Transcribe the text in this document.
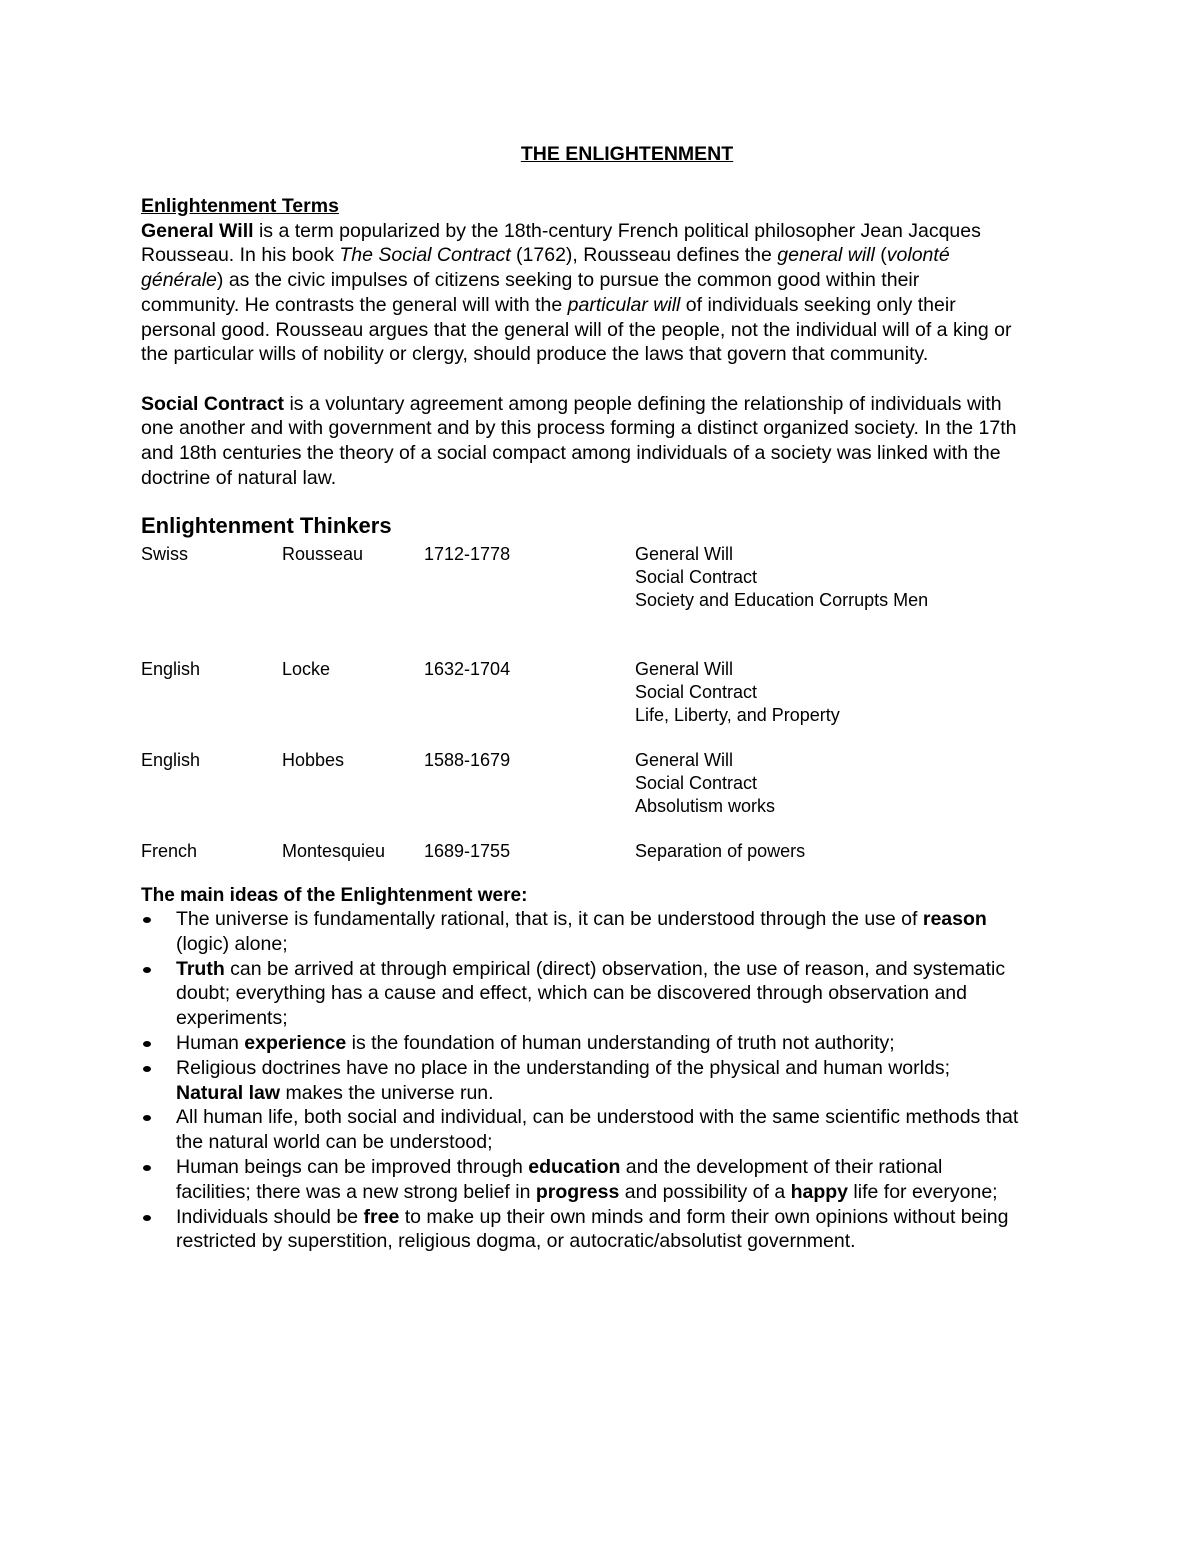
THE ENLIGHTENMENT
Enlightenment Terms
General Will is a term popularized by the 18th-century French political philosopher Jean Jacques
Rousseau. In his book The Social Contract (1762), Rousseau defines the general will (volonté
générale) as the civic impulses of citizens seeking to pursue the common good within their
community. He contrasts the general will with the particular will of individuals seeking only their
personal good. Rousseau argues that the general will of the people, not the individual will of a king or
the particular wills of nobility or clergy, should produce the laws that govern that community.
Social Contract is a voluntary agreement among people defining the relationship of individuals with
one another and with government and by this process forming a distinct organized society. In the 17th
and 18th centuries the theory of a social compact among individuals of a society was linked with the
doctrine of natural law.
Enlightenment Thinkers
Swiss	Rousseau	1712-1778	General Will
Social Contract
Society and Education Corrupts Men
English	Locke	1632-1704	General Will
Social Contract
Life, Liberty, and Property
English	Hobbes	1588-1679	General Will
Social Contract
Absolutism works
French	Montesquieu 1689-1755	Separation of powers
The main ideas of the Enlightenment were:
The universe is fundamentally rational, that is, it can be understood through the use of reason
(logic) alone;
Truth can be arrived at through empirical (direct) observation, the use of reason, and systematic
doubt; everything has a cause and effect, which can be discovered through observation and
experiments;
Human experience is the foundation of human understanding of truth not authority;
Religious doctrines have no place in the understanding of the physical and human worlds;
Natural law makes the universe run.
All human life, both social and individual, can be understood with the same scientific methods that
the natural world can be understood;
Human beings can be improved through education and the development of their rational
facilities; there was a new strong belief in progress and possibility of a happy life for everyone;
Individuals should be free to make up their own minds and form their own opinions without being
restricted by superstition, religious dogma, or autocratic/absolutist government.
